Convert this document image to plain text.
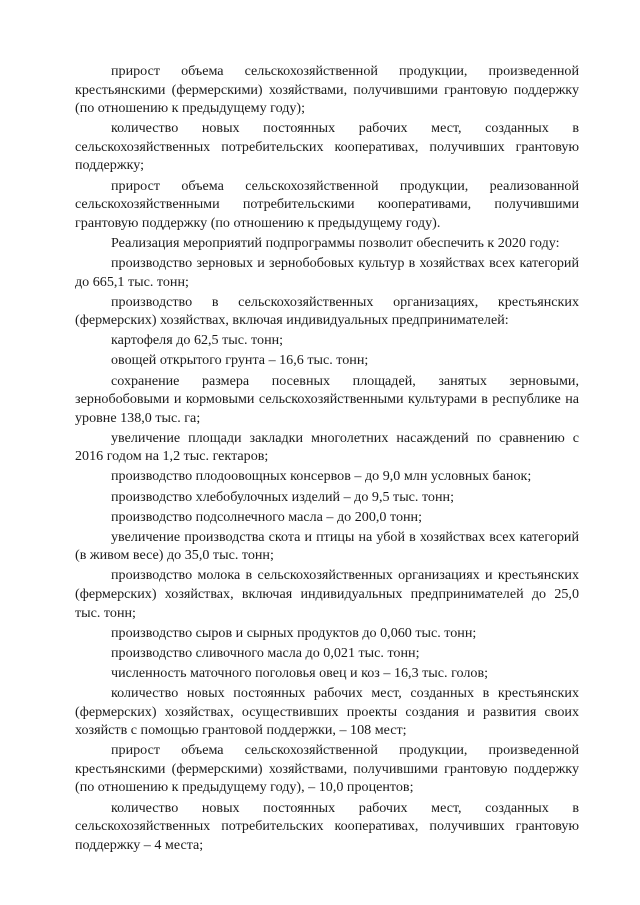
прирост объема сельскохозяйственной продукции, произведенной крестьянскими (фермерскими) хозяйствами, получившими грантовую поддержку (по отношению к предыдущему году);

количество новых постоянных рабочих мест, созданных в сельскохозяйственных потребительских кооперативах, получивших грантовую поддержку;

прирост объема сельскохозяйственной продукции, реализованной сельскохозяйственными потребительскими кооперативами, получившими грантовую поддержку (по отношению к предыдущему году).

Реализация мероприятий подпрограммы позволит обеспечить к 2020 году:

производство зерновых и зернобобовых культур в хозяйствах всех категорий до 665,1 тыс. тонн;

производство в сельскохозяйственных организациях, крестьянских (фермерских) хозяйствах, включая индивидуальных предпринимателей:

картофеля до 62,5 тыс. тонн;

овощей открытого грунта – 16,6 тыс. тонн;

сохранение размера посевных площадей, занятых зерновыми, зернобобовыми и кормовыми сельскохозяйственными культурами в республике на уровне 138,0 тыс. га;

увеличение площади закладки многолетних насаждений по сравнению с 2016 годом на 1,2 тыс. гектаров;

производство плодоовощных консервов – до 9,0 млн условных банок;

производство хлебобулочных изделий – до 9,5 тыс. тонн;

производство подсолнечного масла – до 200,0 тонн;

увеличение производства скота и птицы на убой в хозяйствах всех категорий (в живом весе) до 35,0 тыс. тонн;

производство молока в сельскохозяйственных организациях и крестьянских (фермерских) хозяйствах, включая индивидуальных предпринимателей до 25,0 тыс. тонн;

производство сыров и сырных продуктов до 0,060 тыс. тонн;

производство сливочного масла до 0,021 тыс. тонн;

численность маточного поголовья овец и коз – 16,3 тыс. голов;

количество новых постоянных рабочих мест, созданных в крестьянских (фермерских) хозяйствах, осуществивших проекты создания и развития своих хозяйств с помощью грантовой поддержки, – 108 мест;

прирост объема сельскохозяйственной продукции, произведенной крестьянскими (фермерскими) хозяйствами, получившими грантовую поддержку (по отношению к предыдущему году), – 10,0 процентов;

количество новых постоянных рабочих мест, созданных в сельскохозяйственных потребительских кооперативах, получивших грантовую поддержку – 4 места;
